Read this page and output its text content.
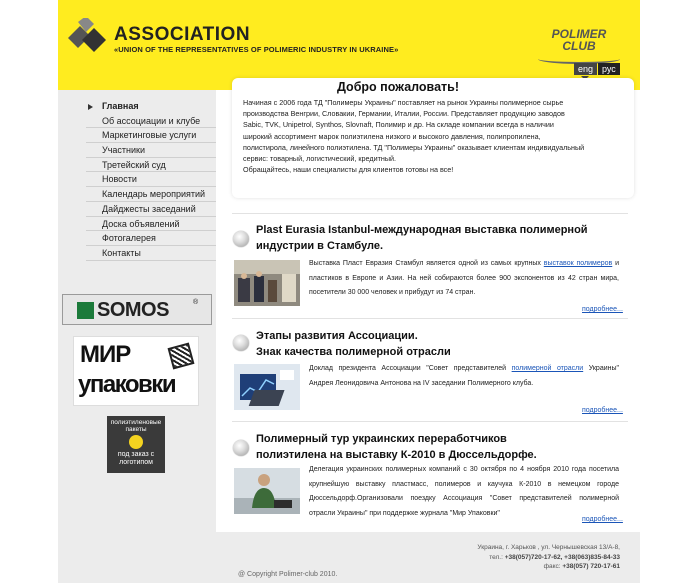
ASSOCIATION
«UNION OF THE REPRESENTATIVES OF POLIMERIC INDUSTRY IN UKRAINE»
POLIMER
CLUB
eng рус
Главная
Об ассоциации и клубе
Маркетинговые услуги
Участники
Третейский суд
Новости
Календарь мероприятий
Дайджесты заседаний
Доска объявлений
Фотогалерея
Контакты
SOMOS	®
МИР
упаковки
полиэтиленовые пакеты
под заказ с логотипом
Добро пожаловать!
Начиная с 2006 года ТД "Полимеры Украины" поставляет на рынок Украины полимерное сырье
производства Венгрии, Словакии, Германии, Италии, России. Представляет продукцию заводов
Sabic, TVK, Unipetrol, Synthos, Slovnaft, Полимир и др. На складе компании всегда в наличии
широкий ассортимент марок полиэтилена низкого и высокого давления, полипропилена,
полистирола, линейного полиэтилена. ТД "Полимеры Украины" оказывает клиентам индивидуальный
сервис: товарный, логистический, кредитный.
Обращайтесь, наши специалисты для клиентов готовы на все!
Plast Eurasia Istanbul-международная выставка полимерной
индустрии в Стамбуле.
Выставка Пласт Евразия Стамбул является одной из самых крупных выставок полимеров и пластиков в Европе и Азии. На ней собираются более 900 экспонентов из 42 стран мира, посетители 30 000 человек и прибудут из 74 стран.
подробнее...
Этапы развития Ассоциации.
Знак качества полимерной отрасли
Доклад президента Ассоциации "Совет представителей полимерной отрасли Украины" Андрея Леонидовича Антонова на IV заседании Полимерного клуба.
подробнее...
Полимерный тур украинских переработчиков
полиэтилена на выставку К-2010 в Дюссельдорфе.
Делегация украинских полимерных компаний с 30 октября по 4 ноября 2010 года посетила крупнейшую выставку пластмасс, полимеров и каучука К-2010 в немецком городе Дюссельдорф.Организовали поездку Ассоциация "Совет представителей полимерной отрасли Украины" при поддержке журнала "Мир Упаковки"
подробнее...
Украина, г. Харьков , ул. Чернышевская 13/А-8,
тел.: +38(057)720-17-62, +38(063)835-84-33
факс: +38(057) 720-17-61
@ Copyright Polimer-club 2010.
